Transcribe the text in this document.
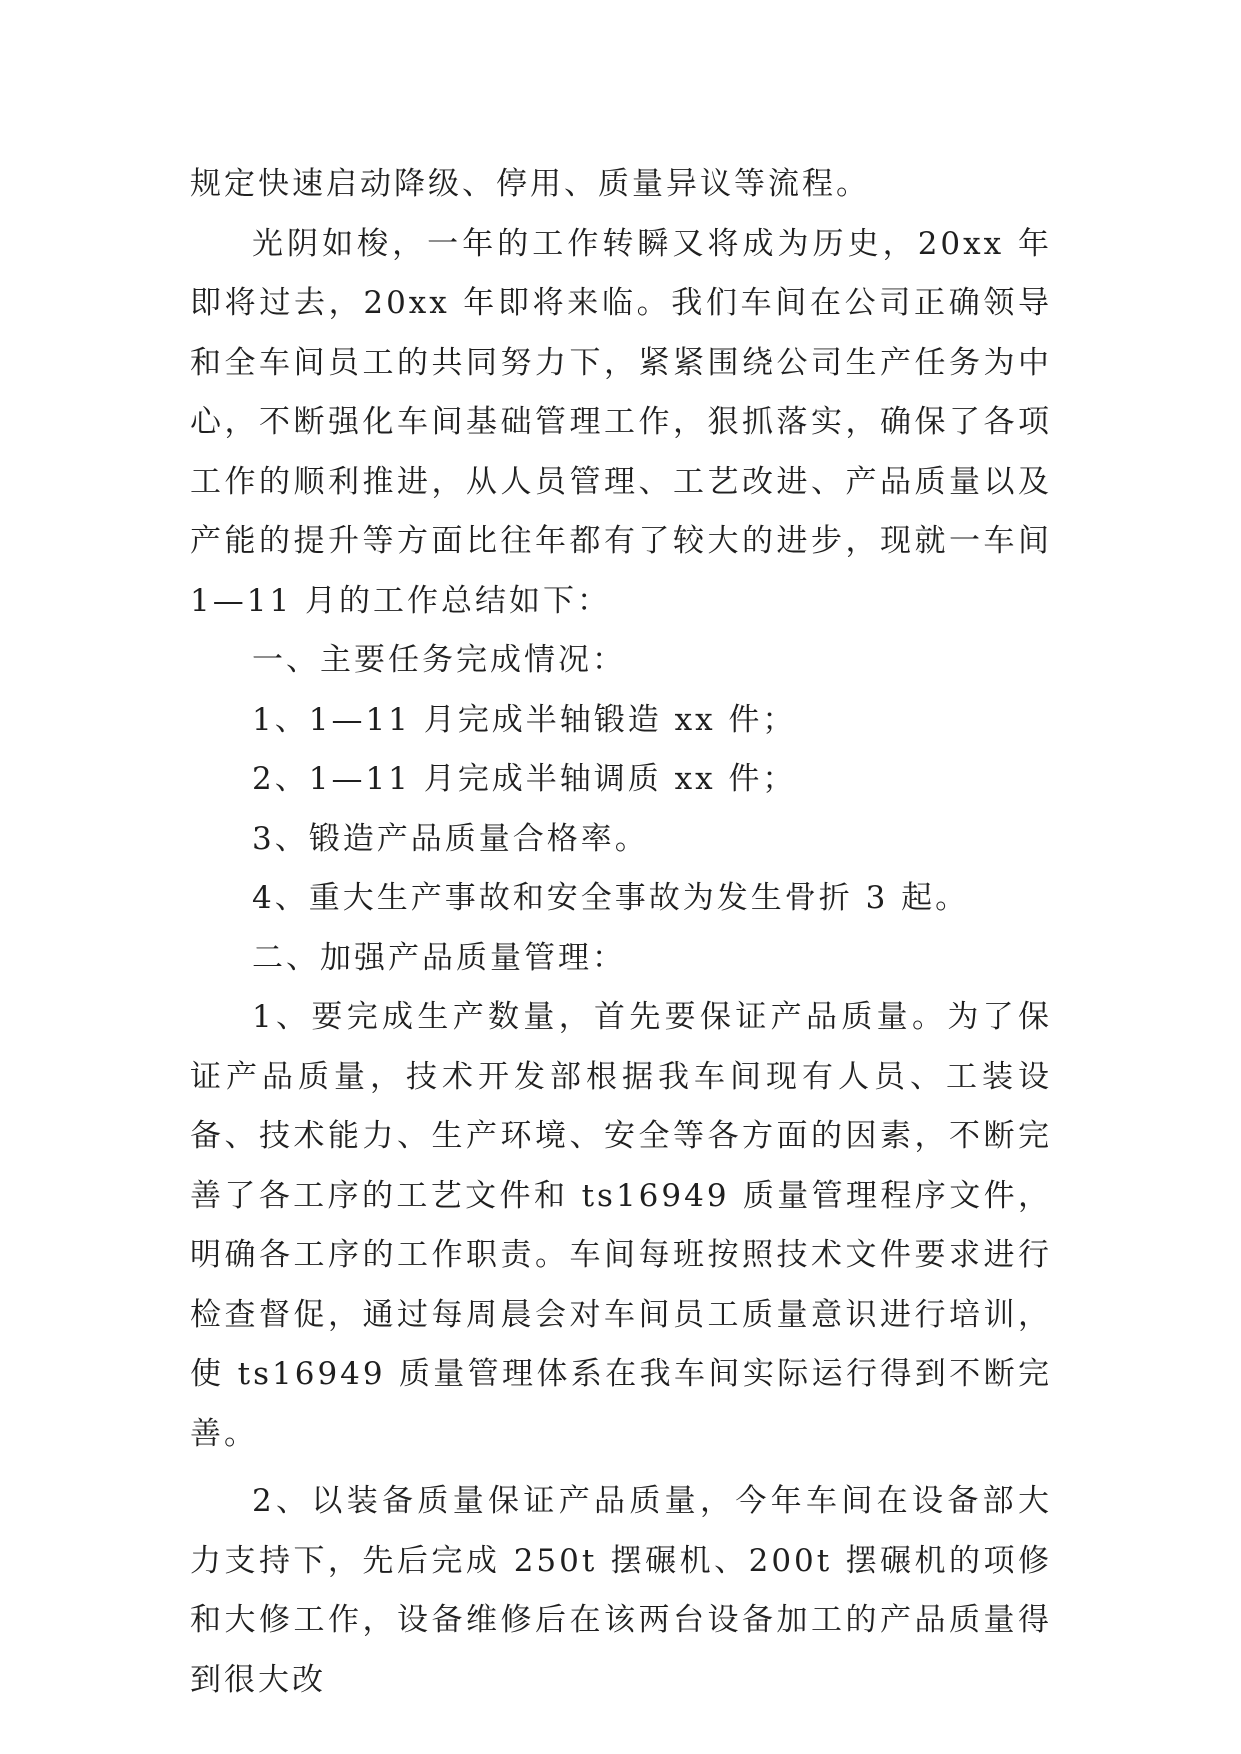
规定快速启动降级、停用、质量异议等流程。

光阴如梭，一年的工作转瞬又将成为历史，20xx 年即将过去，20xx 年即将来临。我们车间在公司正确领导和全车间员工的共同努力下，紧紧围绕公司生产任务为中心，不断强化车间基础管理工作，狠抓落实，确保了各项工作的顺利推进，从人员管理、工艺改进、产品质量以及产能的提升等方面比往年都有了较大的进步，现就一车间 1—11 月的工作总结如下：

一、主要任务完成情况：

1、1—11 月完成半轴锻造 xx 件；

2、1—11 月完成半轴调质 xx 件；

3、锻造产品质量合格率。

4、重大生产事故和安全事故为发生骨折 3 起。

二、加强产品质量管理：

1、要完成生产数量，首先要保证产品质量。为了保证产品质量，技术开发部根据我车间现有人员、工装设备、技术能力、生产环境、安全等各方面的因素，不断完善了各工序的工艺文件和 ts16949 质量管理程序文件，明确各工序的工作职责。车间每班按照技术文件要求进行检查督促，通过每周晨会对车间员工质量意识进行培训，使 ts16949 质量管理体系在我车间实际运行得到不断完善。

2、以装备质量保证产品质量，今年车间在设备部大力支持下，先后完成 250t 摆碾机、200t 摆碾机的项修和大修工作，设备维修后在该两台设备加工的产品质量得到很大改
